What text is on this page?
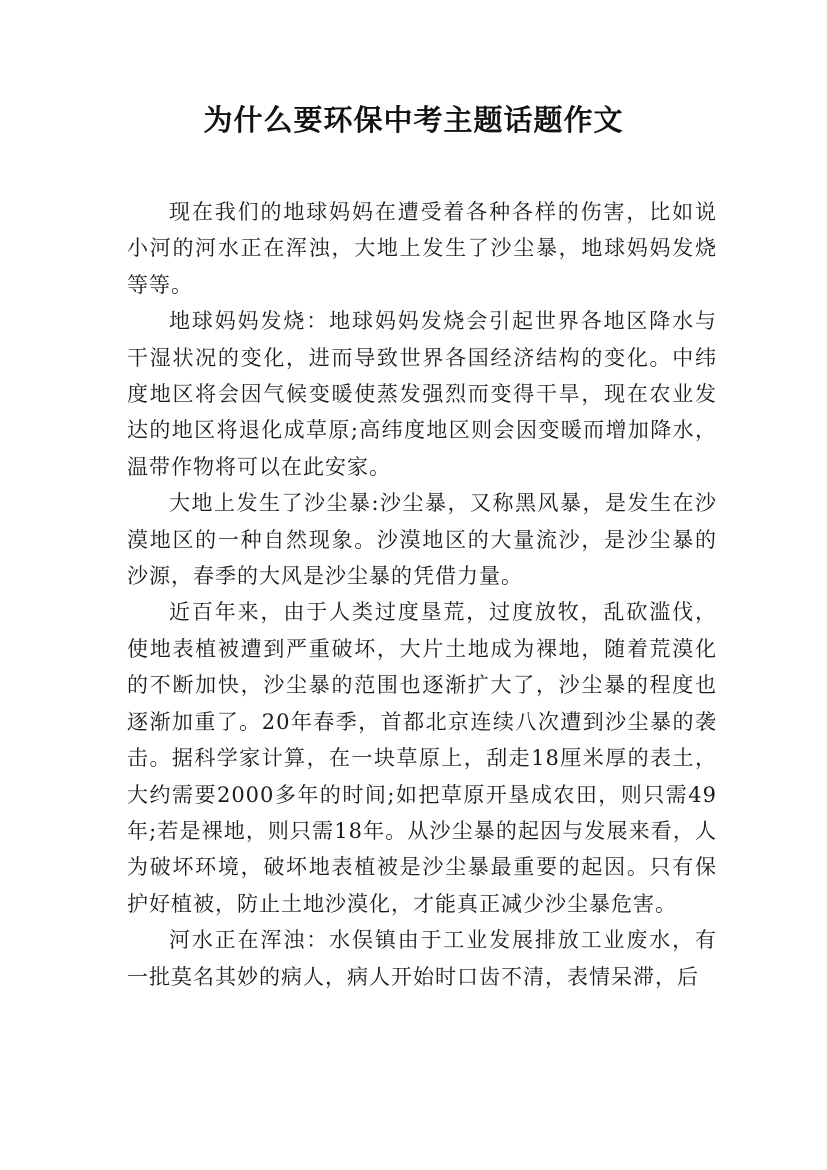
为什么要环保中考主题话题作文

现在我们的地球妈妈在遭受着各种各样的伤害，比如说小河的河水正在浑浊，大地上发生了沙尘暴，地球妈妈发烧等等。

地球妈妈发烧：地球妈妈发烧会引起世界各地区降水与干湿状况的变化，进而导致世界各国经济结构的变化。中纬度地区将会因气候变暖使蒸发强烈而变得干旱，现在农业发达的地区将退化成草原;高纬度地区则会因变暖而增加降水，温带作物将可以在此安家。

大地上发生了沙尘暴:沙尘暴，又称黑风暴，是发生在沙漠地区的一种自然现象。沙漠地区的大量流沙，是沙尘暴的沙源，春季的大风是沙尘暴的凭借力量。

近百年来，由于人类过度垦荒，过度放牧，乱砍滥伐，使地表植被遭到严重破坏，大片土地成为裸地，随着荒漠化的不断加快，沙尘暴的范围也逐渐扩大了，沙尘暴的程度也逐渐加重了。20年春季，首都北京连续八次遭到沙尘暴的袭击。据科学家计算，在一块草原上，刮走18厘米厚的表土，大约需要2000多年的时间;如把草原开垦成农田，则只需49年;若是裸地，则只需18年。从沙尘暴的起因与发展来看，人为破坏环境，破坏地表植被是沙尘暴最重要的起因。只有保护好植被，防止土地沙漠化，才能真正减少沙尘暴危害。

河水正在浑浊：水俣镇由于工业发展排放工业废水，有一批莫名其妙的病人，病人开始时口齿不清，表情呆滞，后
